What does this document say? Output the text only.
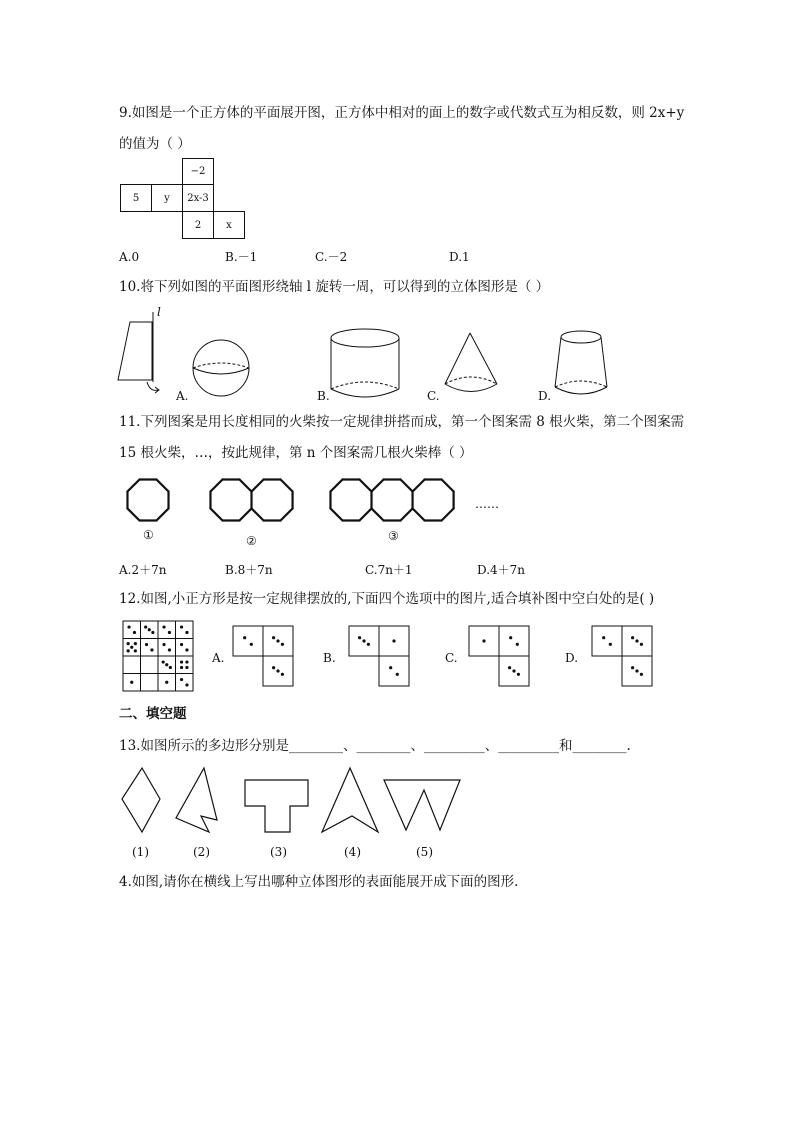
9.如图是一个正方体的平面展开图，正方体中相对的面上的数字或代数式互为相反数，则 2x+y
的值为（ ）
−2
5	y	2x-3
2	x
A.0	B.－1	C.－2	D.1
10.将下列如图的平面图形绕轴 l 旋转一周，可以得到的立体图形是（ ）
l
A.	B.	C.	D.
11.下列图案是用长度相同的火柴按一定规律拼搭而成，第一个图案需 8 根火柴，第二个图案需
15 根火柴，…，按此规律，第 n 个图案需几根火柴棒（ ）
①	②	③
……
A.2＋7n	B.8＋7n	C.7n＋1	D.4＋7n
12.如图,小正方形是按一定规律摆放的,下面四个选项中的图片,适合填补图中空白处的是( )
A.	B.	C.	D.
二、填空题
13.如图所示的多边形分别是________、________、_________、_________和________.
(1)	(2)	(3)	(4)	(5)
4.如图,请你在横线上写出哪种立体图形的表面能展开成下面的图形.
